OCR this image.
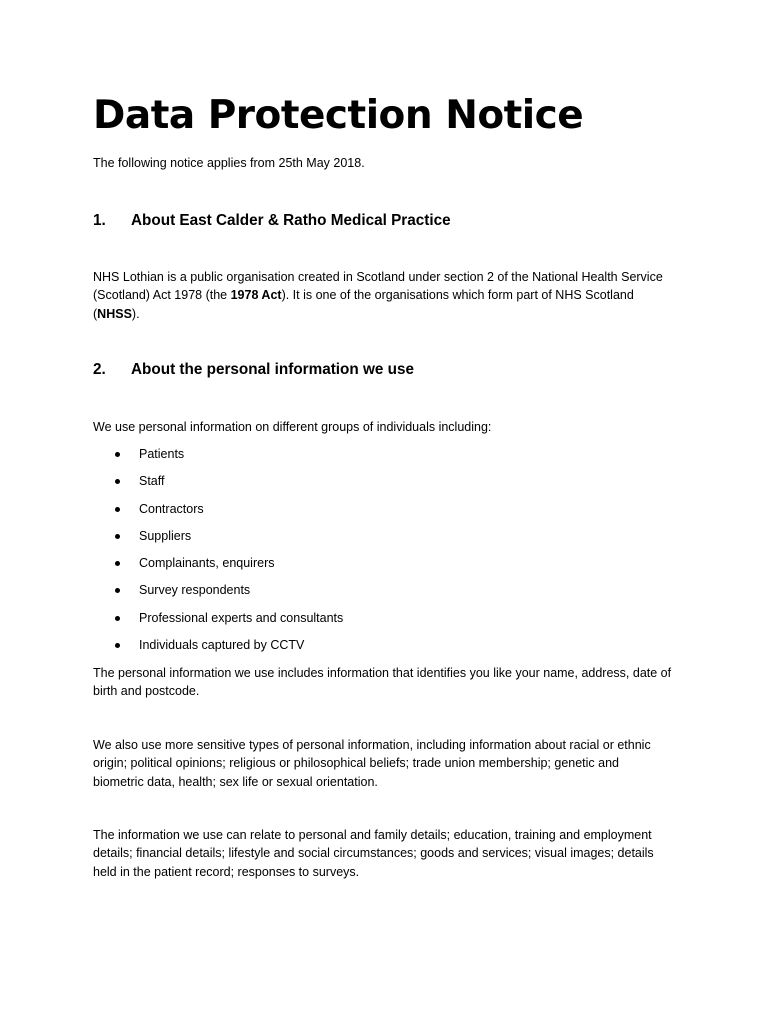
Data Protection Notice

The following notice applies from 25th May 2018.

1. About East Calder & Ratho Medical Practice

NHS Lothian is a public organisation created in Scotland under section 2 of the National Health Service (Scotland) Act 1978 (the 1978 Act). It is one of the organisations which form part of NHS Scotland (NHSS).

2. About the personal information we use

We use personal information on different groups of individuals including:

Patients
Staff
Contractors
Suppliers
Complainants, enquirers
Survey respondents
Professional experts and consultants
Individuals captured by CCTV

The personal information we use includes information that identifies you like your name, address, date of birth and postcode.

We also use more sensitive types of personal information, including information about racial or ethnic origin; political opinions; religious or philosophical beliefs; trade union membership; genetic and biometric data, health; sex life or sexual orientation.

The information we use can relate to personal and family details; education, training and employment details; financial details; lifestyle and social circumstances; goods and services; visual images; details held in the patient record; responses to surveys.
